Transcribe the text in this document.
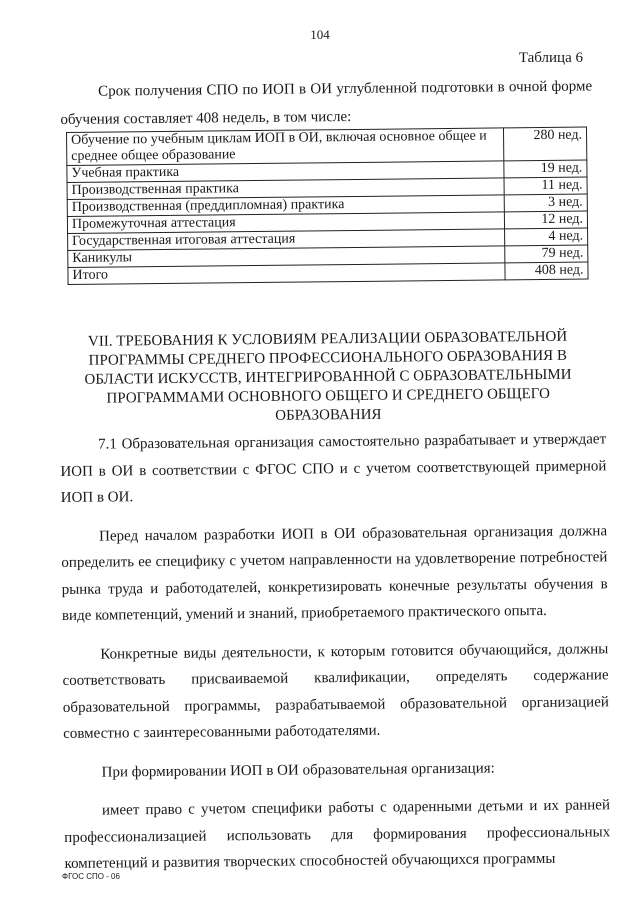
104
Таблица 6
Срок получения СПО по ИОП в ОИ углубленной подготовки в очной форме обучения составляет 408 недель, в том числе:
Обучение по учебным циклам ИОП в ОИ, включая основное общее и среднее общее образование	280 нед.
Учебная практика	19 нед.
Производственная практика	11 нед.
Производственная (преддипломная) практика	3 нед.
Промежуточная аттестация	12 нед.
Государственная итоговая аттестация	4 нед.
Каникулы	79 нед.
Итого	408 нед.
VII. ТРЕБОВАНИЯ К УСЛОВИЯМ РЕАЛИЗАЦИИ ОБРАЗОВАТЕЛЬНОЙ ПРОГРАММЫ СРЕДНЕГО ПРОФЕССИОНАЛЬНОГО ОБРАЗОВАНИЯ В ОБЛАСТИ ИСКУССТВ, ИНТЕГРИРОВАННОЙ С ОБРАЗОВАТЕЛЬНЫМИ ПРОГРАММАМИ ОСНОВНОГО ОБЩЕГО И СРЕДНЕГО ОБЩЕГО ОБРАЗОВАНИЯ

7.1 Образовательная организация самостоятельно разрабатывает и утверждает ИОП в ОИ в соответствии с ФГОС СПО и с учетом соответствующей примерной ИОП в ОИ.

Перед началом разработки ИОП в ОИ образовательная организация должна определить ее специфику с учетом направленности на удовлетворение потребностей рынка труда и работодателей, конкретизировать конечные результаты обучения в виде компетенций, умений и знаний, приобретаемого практического опыта.

Конкретные виды деятельности, к которым готовится обучающийся, должны соответствовать присваиваемой квалификации, определять содержание образовательной программы, разрабатываемой образовательной организацией совместно с заинтересованными работодателями.

При формировании ИОП в ОИ образовательная организация:

имеет право с учетом специфики работы с одаренными детьми и их ранней профессионализацией использовать для формирования профессиональных компетенций и развития творческих способностей обучающихся программы

ФГОС СПО - 06
